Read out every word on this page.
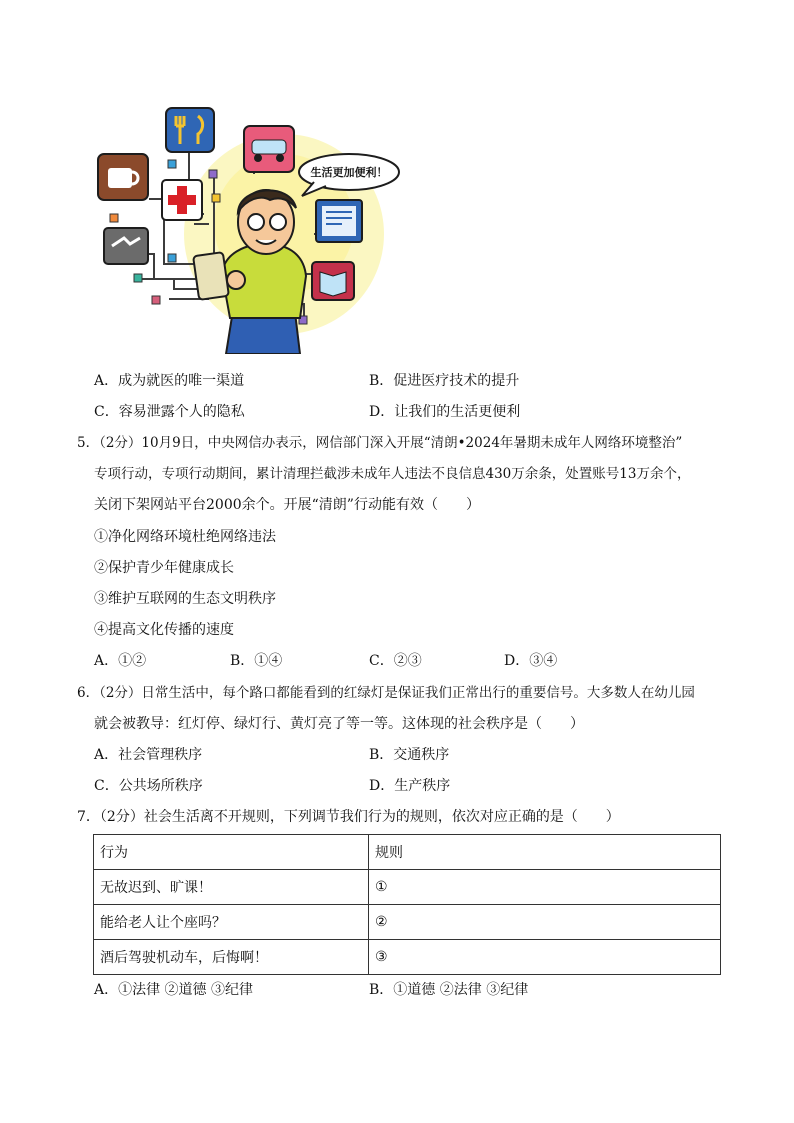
生活更加便利！
A．成为就医的唯一渠道	B．促进医疗技术的提升
C．容易泄露个人的隐私	D．让我们的生活更便利
5．（2分）10月9日，中央网信办表示，网信部门深入开展“清朗•2024年暑期未成年人网络环境整治”
专项行动，专项行动期间，累计清理拦截涉未成年人违法不良信息430万余条，处置账号13万余个，
关闭下架网站平台2000余个。开展“清朗”行动能有效（　　）
①净化网络环境杜绝网络违法
②保护青少年健康成长
③维护互联网的生态文明秩序
④提高文化传播的速度
A．①②	B．①④	C．②③	D．③④
6．（2分）日常生活中，每个路口都能看到的红绿灯是保证我们正常出行的重要信号。大多数人在幼儿园
就会被教导：红灯停、绿灯行、黄灯亮了等一等。这体现的社会秩序是（　　）
A．社会管理秩序	B．交通秩序
C．公共场所秩序	D．生产秩序
7．（2分）社会生活离不开规则，下列调节我们行为的规则，依次对应正确的是（　　）
行为	规则
无故迟到、旷课！	①
能给老人让个座吗？	②
酒后驾驶机动车，后悔啊！	③
A．①法律 ②道德 ③纪律	B．①道德 ②法律 ③纪律
